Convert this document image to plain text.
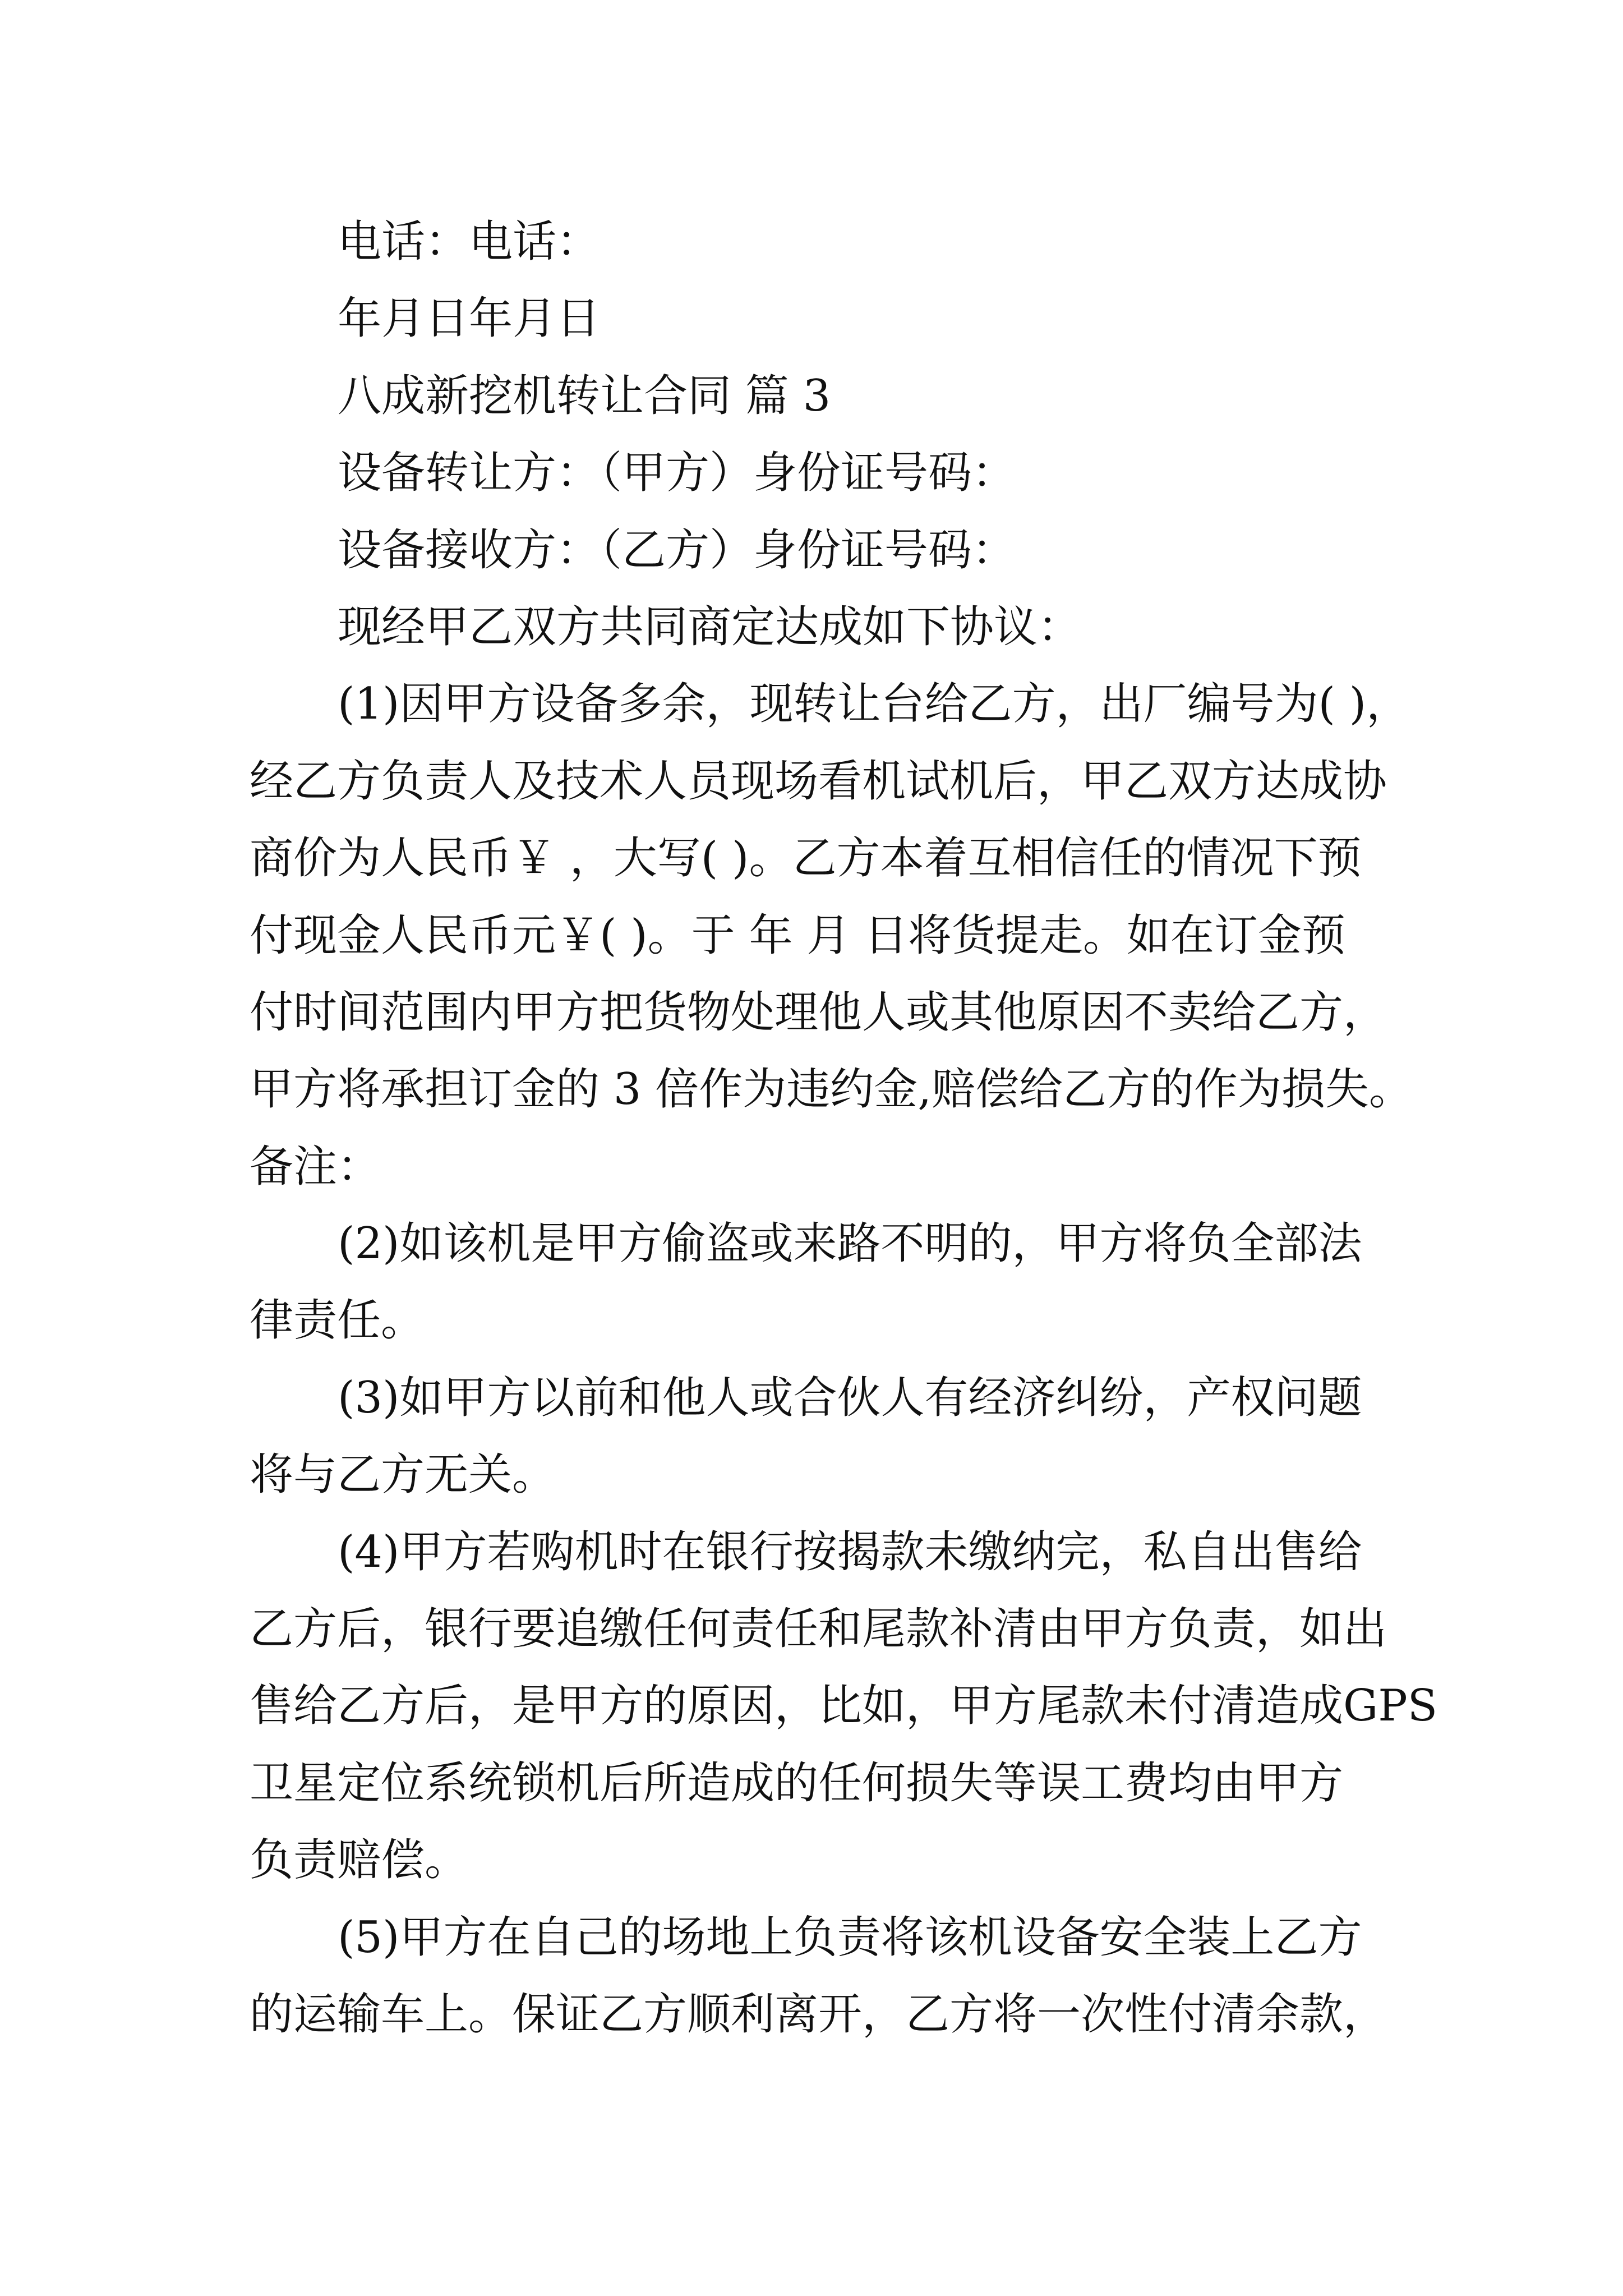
电话：电话：
年月日年月日
八成新挖机转让合同 篇 3
设备转让方：（甲方）身份证号码：
设备接收方：（乙方）身份证号码：
现经甲乙双方共同商定达成如下协议：
(1)因甲方设备多余，现转让台给乙方，出厂编号为( )，
经乙方负责人及技术人员现场看机试机后，甲乙双方达成协
商价为人民币￥ ，大写( )。乙方本着互相信任的情况下预
付现金人民币元￥( )。于 年 月 日将货提走。如在订金预
付时间范围内甲方把货物处理他人或其他原因不卖给乙方，
甲方将承担订金的 3 倍作为违约金,赔偿给乙方的作为损失。
备注：
(2)如该机是甲方偷盗或来路不明的，甲方将负全部法
律责任。
(3)如甲方以前和他人或合伙人有经济纠纷，产权问题
将与乙方无关。
(4)甲方若购机时在银行按揭款未缴纳完，私自出售给
乙方后，银行要追缴任何责任和尾款补清由甲方负责，如出
售给乙方后，是甲方的原因，比如，甲方尾款未付清造成GPS
卫星定位系统锁机后所造成的任何损失等误工费均由甲方
负责赔偿。
(5)甲方在自己的场地上负责将该机设备安全装上乙方
的运输车上。保证乙方顺利离开，乙方将一次性付清余款，
